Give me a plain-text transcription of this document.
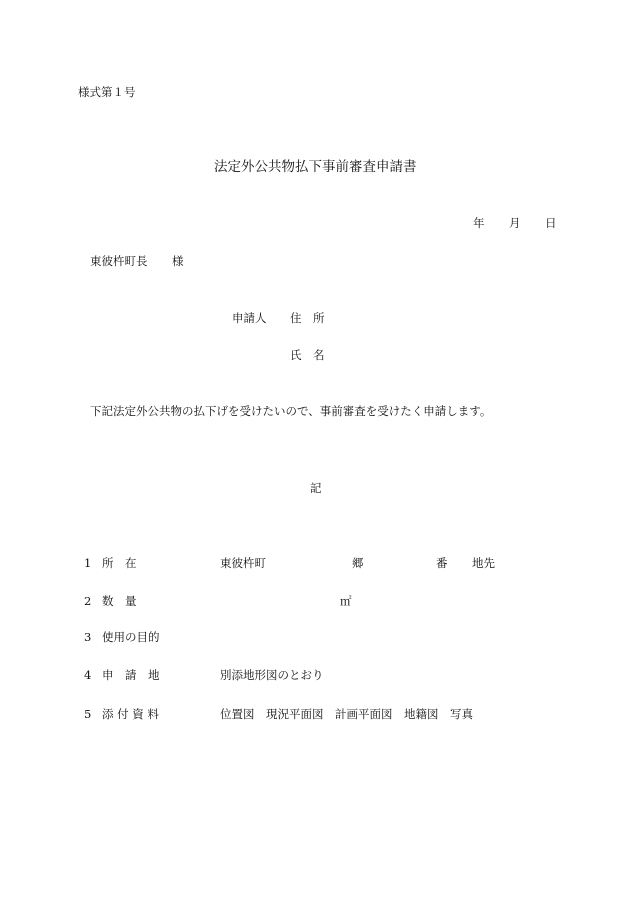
様式第１号
法定外公共物払下事前審査申請書
年 月 日
東彼杵町長 様
申請人 住　所
氏　名
下記法定外公共物の払下げを受けたいので、事前審査を受けたく申請します。
記
1 所　在	東彼杵町	郷	番 地先
2 数　量	㎡
3 使用の目的
4 申　請　地	別添地形図のとおり
5 添 付 資 料	位置図　現況平面図　計画平面図　地籍図　写真
